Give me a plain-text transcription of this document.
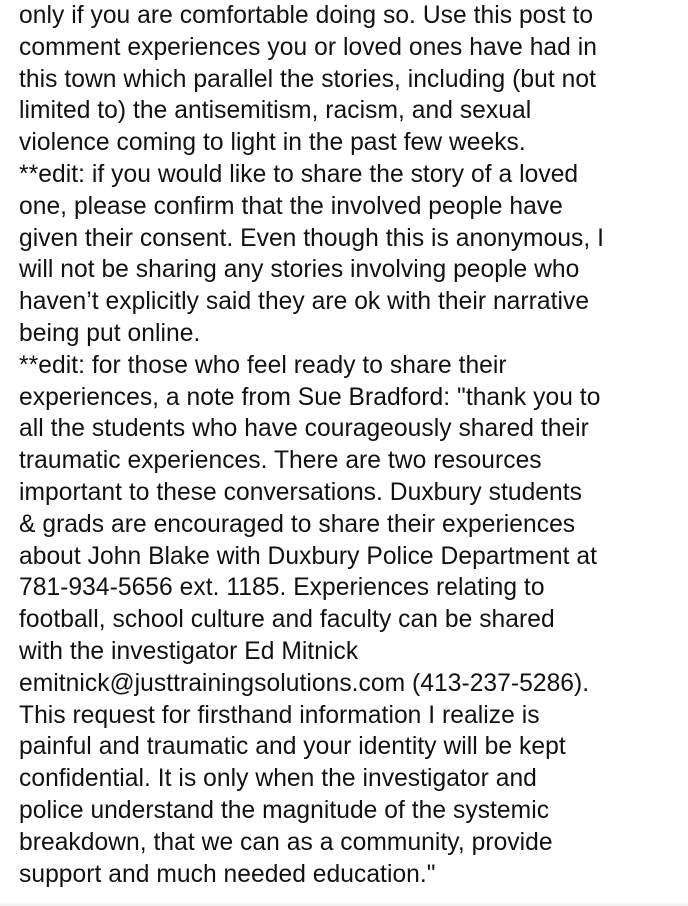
only if you are comfortable doing so. Use this post to
comment experiences you or loved ones have had in
this town which parallel the stories, including (but not
limited to) the antisemitism, racism, and sexual
violence coming to light in the past few weeks.
**edit: if you would like to share the story of a loved
one, please confirm that the involved people have
given their consent. Even though this is anonymous, I
will not be sharing any stories involving people who
haven’t explicitly said they are ok with their narrative
being put online.
**edit: for those who feel ready to share their
experiences, a note from Sue Bradford: "thank you to
all the students who have courageously shared their
traumatic experiences. There are two resources
important to these conversations. Duxbury students
& grads are encouraged to share their experiences
about John Blake with Duxbury Police Department at
781-934-5656 ext. 1185. Experiences relating to
football, school culture and faculty can be shared
with the investigator Ed Mitnick
emitnick@justtrainingsolutions.com (413-237-5286).
This request for firsthand information I realize is
painful and traumatic and your identity will be kept
confidential. It is only when the investigator and
police understand the magnitude of the systemic
breakdown, that we can as a community, provide
support and much needed education."
